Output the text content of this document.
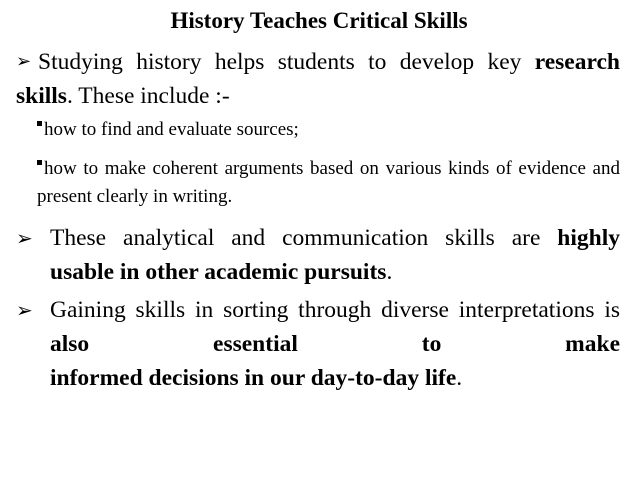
History Teaches Critical Skills
➢ Studying history helps students to develop key research skills. These include :-
how to find and evaluate sources;
how to make coherent arguments based on various kinds of evidence and present clearly in writing.
➢ These analytical and communication skills are highly usable in other academic pursuits.
➢ Gaining skills in sorting through diverse interpretations is also essential to make
informed decisions in our day-to-day life.
